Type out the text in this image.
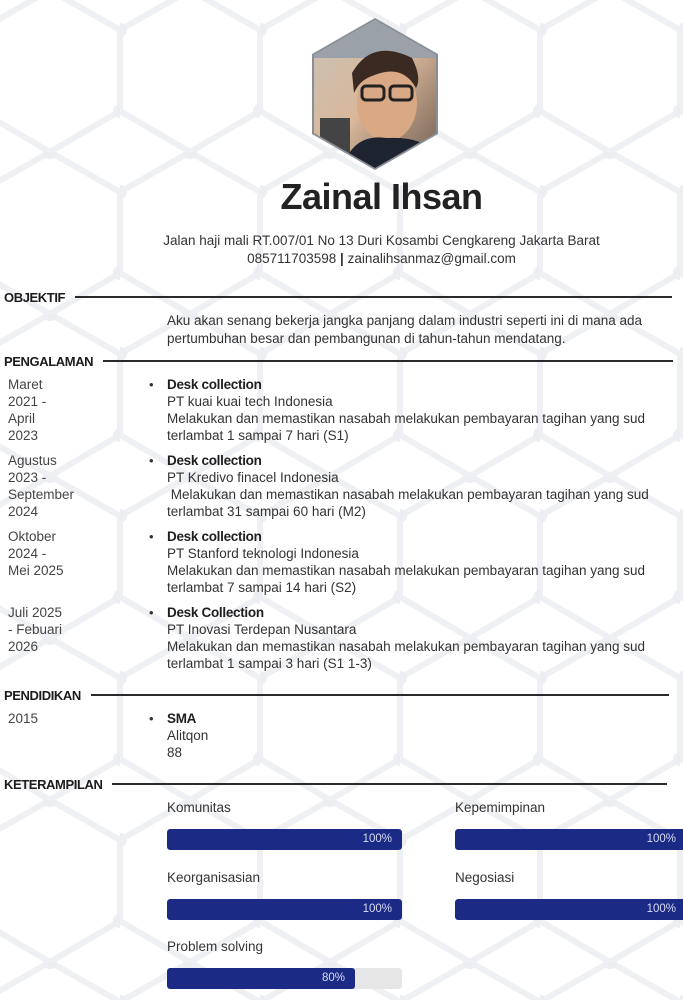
Zainal Ihsan
Jalan haji mali RT.007/01 No 13 Duri Kosambi Cengkareng Jakarta Barat
085711703598 | zainalihsanmaz@gmail.com
OBJEKTIF
Aku akan senang bekerja jangka panjang dalam industri seperti ini di mana ada
pertumbuhan besar dan pembangunan di tahun-tahun mendatang.
PENGALAMAN
Maret
2021 -
April
2023
• Desk collection
PT kuai kuai tech Indonesia
Melakukan dan memastikan nasabah melakukan pembayaran tagihan yang sud
terlambat 1 sampai 7 hari (S1)
Agustus
2023 -
September
2024
• Desk collection
PT Kredivo finacel Indonesia
Melakukan dan memastikan nasabah melakukan pembayaran tagihan yang sud
terlambat 31 sampai 60 hari (M2)
Oktober
2024 -
Mei 2025
• Desk collection
PT Stanford teknologi Indonesia
Melakukan dan memastikan nasabah melakukan pembayaran tagihan yang sud
terlambat 7 sampai 14 hari (S2)
Juli 2025
- Febuari
2026
• Desk Collection
PT Inovasi Terdepan Nusantara
Melakukan dan memastikan nasabah melakukan pembayaran tagihan yang sud
terlambat 1 sampai 3 hari (S1 1-3)
PENDIDIKAN
2015	• SMA
Alitqon
88
KETERAMPILAN
Komunitas
100%
Kepemimpinan
100%
Keorganisasian
100%
Negosiasi
100%
Problem solving
80%
